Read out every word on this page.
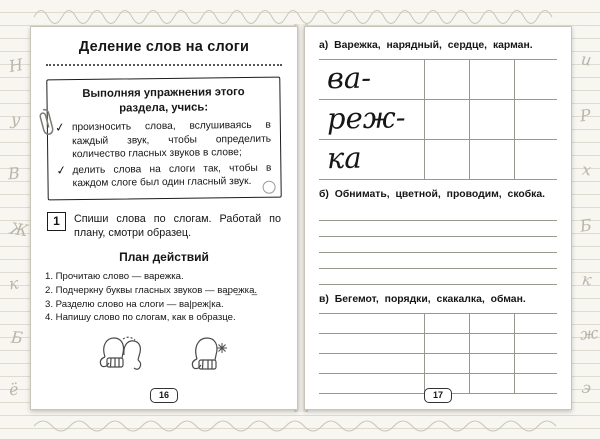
Н
у
В
Ж
к
Б
ё
и
Р
х
Б
к
ж
э
Деление слов на слоги
Выполняя упражнения этого раздела, учись:
✓ произносить слова, вслушиваясь в каждый звук, чтобы определить количество гласных звуков в слове;
✓ делить слова на слоги так, чтобы в каждом слоге был один гласный звук.
1	Спиши слова по слогам. Работай по плану, смотри образец.
План действий
1. Прочитаю слово — варежка.
2. Подчеркну буквы гласных звуков — ва̲ре̲жка̲.
3. Разделю слово на слоги — ва|реж|ка.
4. Напишу слово по слогам, как в образце.
16
а) Варежка, нарядный, сердце, карман.
ва-
реж-
ка
б) Обнимать, цветной, проводим, скобка.
в) Бегемот, порядки, скакалка, обман.
17
